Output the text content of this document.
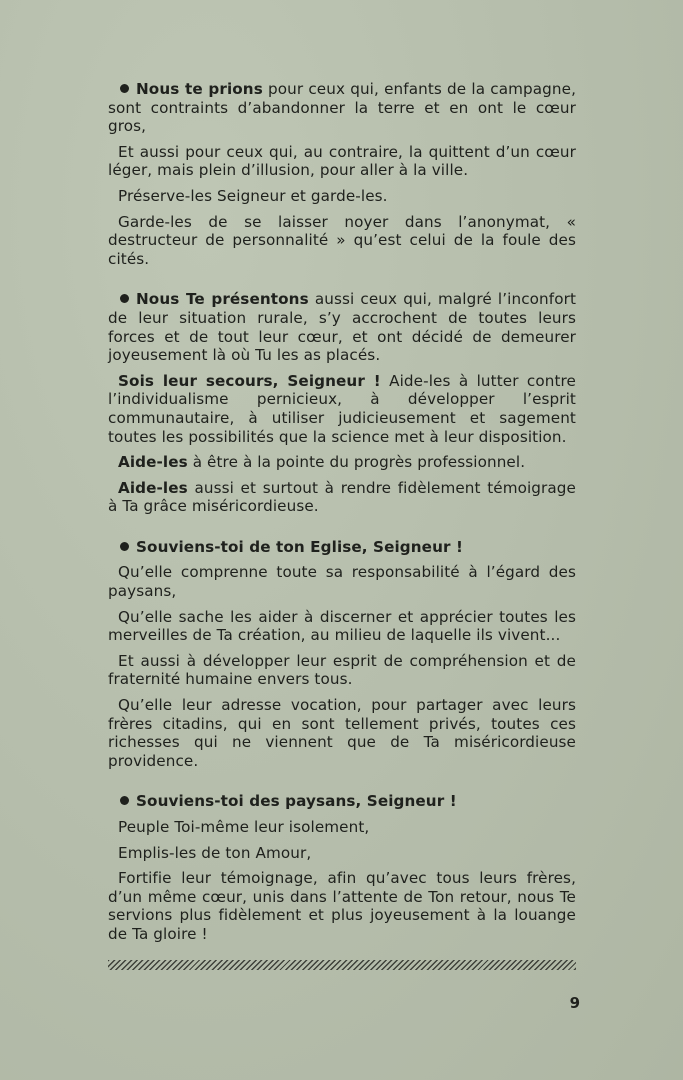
Nous te prions pour ceux qui, enfants de la campagne, sont contraints d’abandonner la terre et en ont le cœur gros,

Et aussi pour ceux qui, au contraire, la quittent d’un cœur léger, mais plein d’illusion, pour aller à la ville.

Préserve-les Seigneur et garde-les.

Garde-les de se laisser noyer dans l’anonymat, « destructeur de personnalité » qu’est celui de la foule des cités.

Nous Te présentons aussi ceux qui, malgré l’inconfort de leur situation rurale, s’y accrochent de toutes leurs forces et de tout leur cœur, et ont décidé de demeurer joyeusement là où Tu les as placés.

Sois leur secours, Seigneur ! Aide-les à lutter contre l’individualisme pernicieux, à développer l’esprit communautaire, à utiliser judicieusement et sagement toutes les possibilités que la science met à leur disposition.

Aide-les à être à la pointe du progrès professionnel.

Aide-les aussi et surtout à rendre fidèlement témoigrage à Ta grâce miséricordieuse.

Souviens-toi de ton Eglise, Seigneur !

Qu’elle comprenne toute sa responsabilité à l’égard des paysans,

Qu’elle sache les aider à discerner et apprécier toutes les merveilles de Ta création, au milieu de laquelle ils vivent...

Et aussi à développer leur esprit de compréhension et de fraternité humaine envers tous.

Qu’elle leur adresse vocation, pour partager avec leurs frères citadins, qui en sont tellement privés, toutes ces richesses qui ne viennent que de Ta miséricordieuse providence.

Souviens-toi des paysans, Seigneur !

Peuple Toi-même leur isolement,

Emplis-les de ton Amour,

Fortifie leur témoignage, afin qu’avec tous leurs frères, d’un même cœur, unis dans l’attente de Ton retour, nous Te servions plus fidèlement et plus joyeusement à la louange de Ta gloire !

9
